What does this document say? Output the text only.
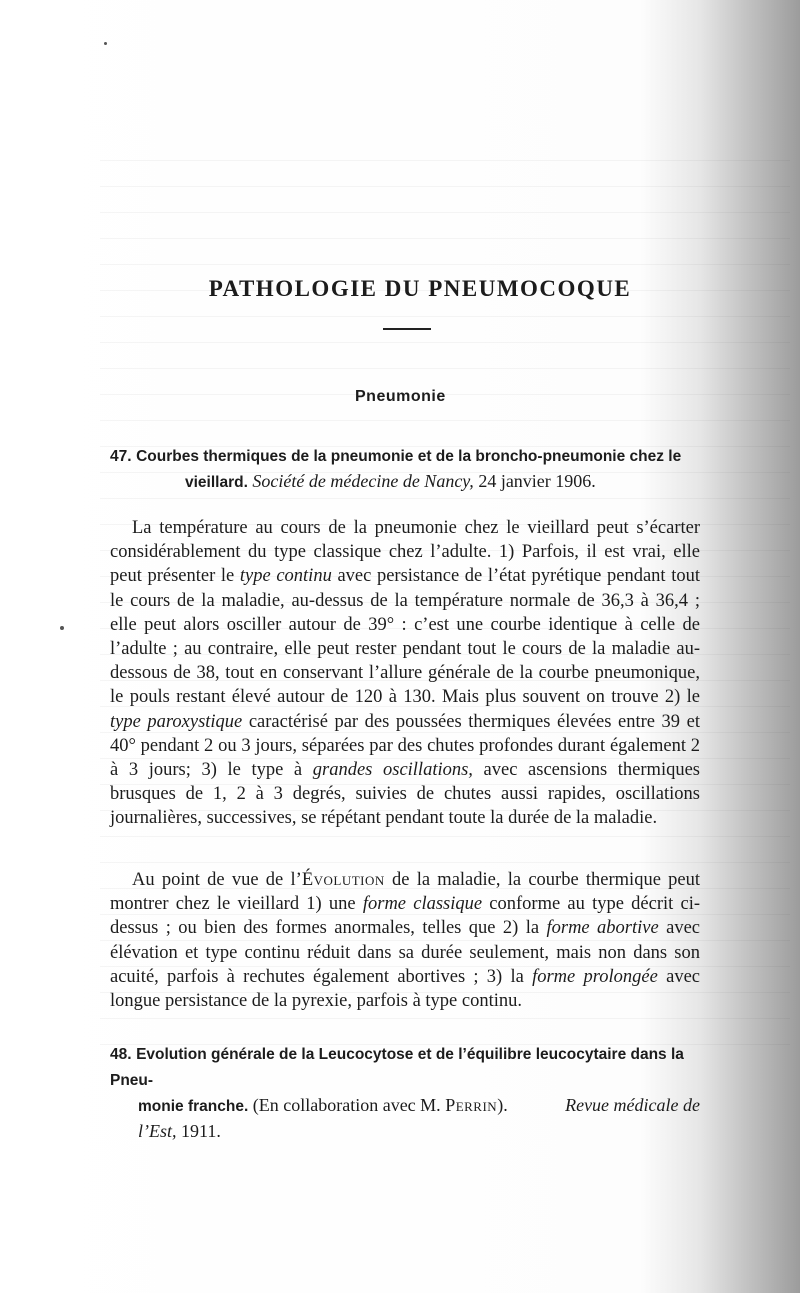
PATHOLOGIE DU PNEUMOCOQUE
Pneumonie
47. Courbes thermiques de la pneumonie et de la broncho-pneumonie chez le
vieillard. Société de médecine de Nancy, 24 janvier 1906.

La température au cours de la pneumonie chez le vieillard peut s’écarter considérablement du type classique chez l’adulte. 1) Parfois, il est vrai, elle peut présenter le type continu avec persistance de l’état pyrétique pendant tout le cours de la maladie, au-dessus de la température normale de 36,3 à 36,4 ; elle peut alors osciller autour de 39° : c’est une courbe identique à celle de l’adulte ; au contraire, elle peut rester pendant tout le cours de la maladie au-dessous de 38, tout en conservant l’allure générale de la courbe pneumonique, le pouls restant élevé autour de 120 à 130. Mais plus souvent on trouve 2) le type paroxystique caractérisé par des poussées thermiques élevées entre 39 et 40° pendant 2 ou 3 jours, séparées par des chutes profondes durant également 2 à 3 jours; 3) le type à grandes oscillations, avec ascensions thermiques brusques de 1, 2 à 3 degrés, suivies de chutes aussi rapides, oscillations journalières, successives, se répétant pendant toute la durée de la maladie.

Au point de vue de l’Évolution de la maladie, la courbe thermique peut montrer chez le vieillard 1) une forme classique conforme au type décrit ci-dessus ; ou bien des formes anormales, telles que 2) la forme abortive avec élévation et type continu réduit dans sa durée seulement, mais non dans son acuité, parfois à rechutes également abortives ; 3) la forme prolongée avec longue persistance de la pyrexie, parfois à type continu.

48. Evolution générale de la Leucocytose et de l’équilibre leucocytaire dans la Pneu-
monie franche. (En collaboration avec M. Perrin).	Revue médicale de
l’Est, 1911.
